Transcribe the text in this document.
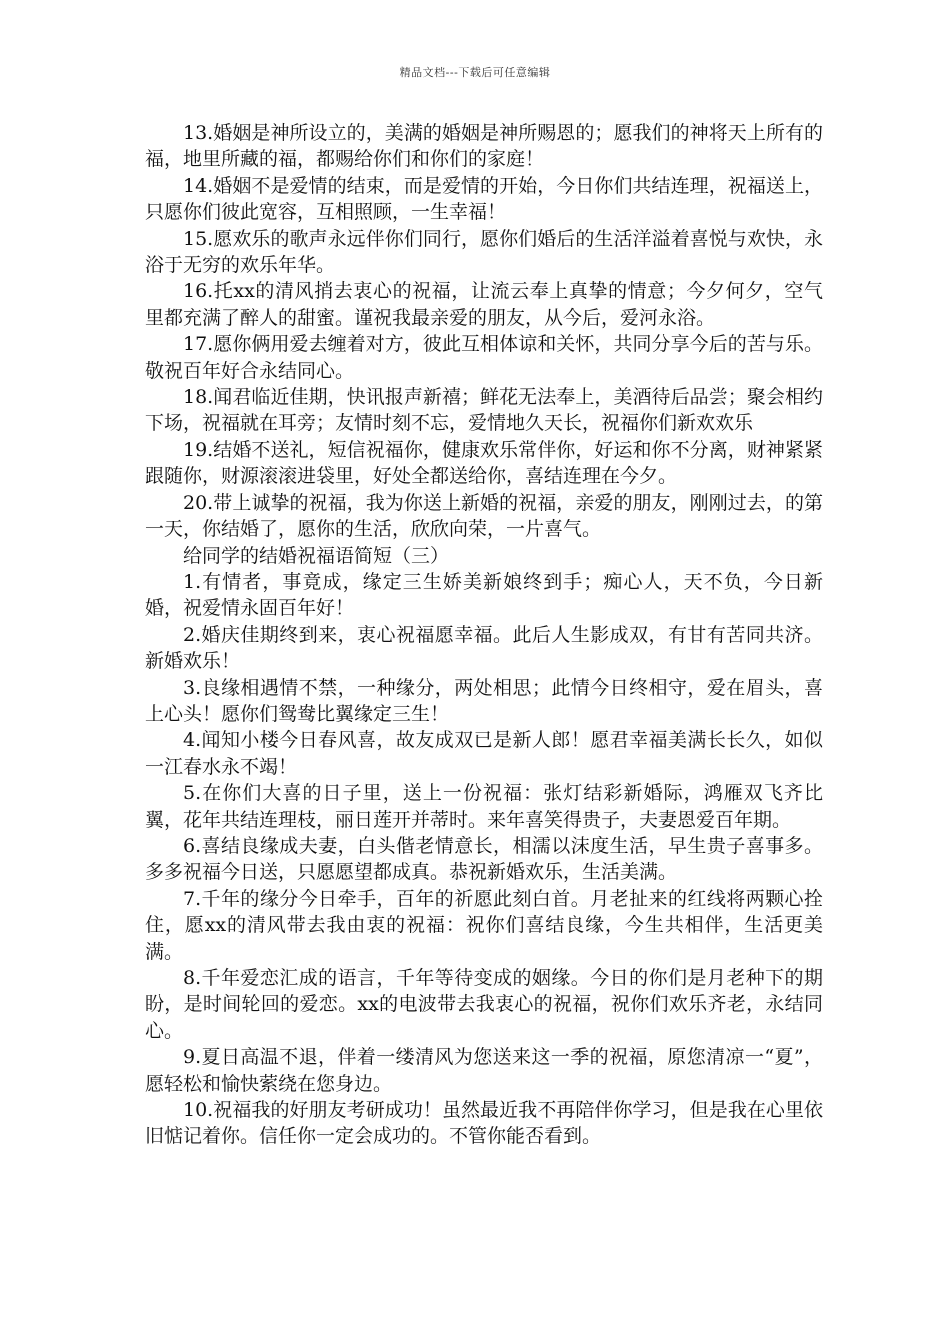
精品文档---下载后可任意编辑

13.婚姻是神所设立的，美满的婚姻是神所赐恩的；愿我们的神将天上所有的福，地里所藏的福，都赐给你们和你们的家庭！

14.婚姻不是爱情的结束，而是爱情的开始，今日你们共结连理，祝福送上，只愿你们彼此宽容，互相照顾，一生幸福！

15.愿欢乐的歌声永远伴你们同行，愿你们婚后的生活洋溢着喜悦与欢快，永浴于无穷的欢乐年华。

16.托xx的清风捎去衷心的祝福，让流云奉上真挚的情意；今夕何夕，空气里都充满了醉人的甜蜜。谨祝我最亲爱的朋友，从今后，爱河永浴。

17.愿你俩用爱去缠着对方，彼此互相体谅和关怀，共同分享今后的苦与乐。敬祝百年好合永结同心。

18.闻君临近佳期，快讯报声新禧；鲜花无法奉上，美酒待后品尝；聚会相约下场，祝福就在耳旁；友情时刻不忘，爱情地久天长，祝福你们新欢欢乐

19.结婚不送礼，短信祝福你，健康欢乐常伴你，好运和你不分离，财神紧紧跟随你，财源滚滚进袋里，好处全都送给你，喜结连理在今夕。

20.带上诚挚的祝福，我为你送上新婚的祝福，亲爱的朋友，刚刚过去，的第一天，你结婚了，愿你的生活，欣欣向荣，一片喜气。

给同学的结婚祝福语简短（三）

1.有情者，事竟成，缘定三生娇美新娘终到手；痴心人，天不负，今日新婚，祝爱情永固百年好！

2.婚庆佳期终到来，衷心祝福愿幸福。此后人生影成双，有甘有苦同共济。新婚欢乐！

3.良缘相遇情不禁，一种缘分，两处相思；此情今日终相守，爱在眉头，喜上心头！愿你们鸳鸯比翼缘定三生！

4.闻知小楼今日春风喜，故友成双已是新人郎！愿君幸福美满长长久，如似一江春水永不竭！

5.在你们大喜的日子里，送上一份祝福：张灯结彩新婚际，鸿雁双飞齐比翼，花年共结连理枝，丽日莲开并蒂时。来年喜笑得贵子，夫妻恩爱百年期。

6.喜结良缘成夫妻，白头偕老情意长，相濡以沫度生活，早生贵子喜事多。多多祝福今日送，只愿愿望都成真。恭祝新婚欢乐，生活美满。

7.千年的缘分今日牵手，百年的祈愿此刻白首。月老扯来的红线将两颗心拴住，愿xx的清风带去我由衷的祝福：祝你们喜结良缘，今生共相伴，生活更美满。

8.千年爱恋汇成的语言，千年等待变成的姻缘。今日的你们是月老种下的期盼，是时间轮回的爱恋。xx的电波带去我衷心的祝福，祝你们欢乐齐老，永结同心。

9.夏日高温不退，伴着一缕清风为您送来这一季的祝福，原您清凉一“夏”，愿轻松和愉快萦绕在您身边。

10.祝福我的好朋友考研成功！虽然最近我不再陪伴你学习，但是我在心里依旧惦记着你。信任你一定会成功的。不管你能否看到。
